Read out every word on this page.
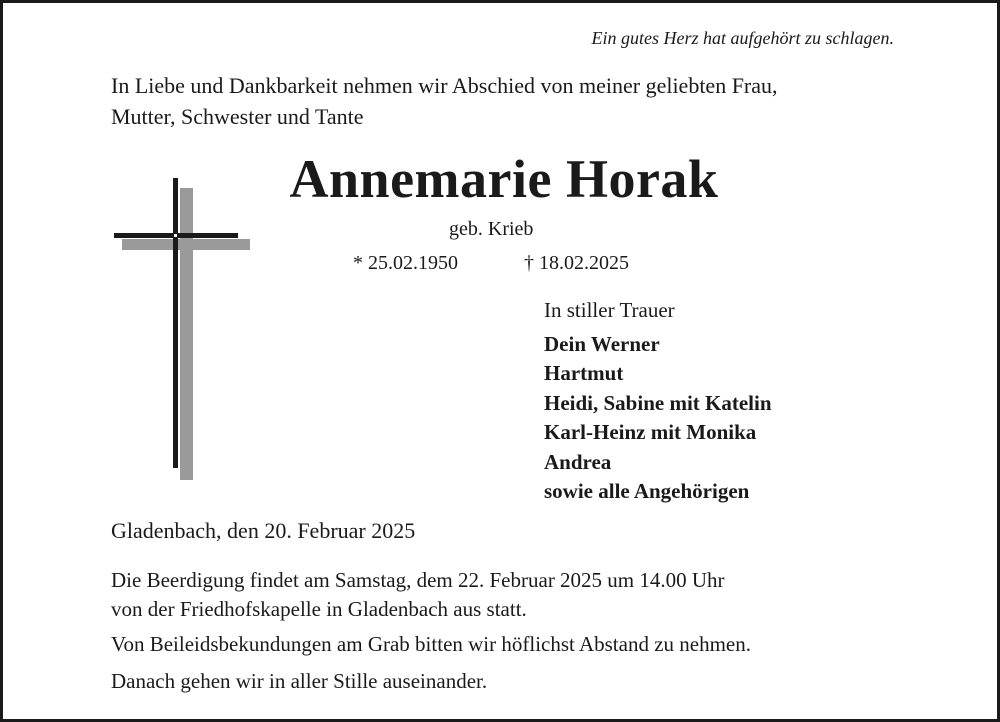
Ein gutes Herz hat aufgehört zu schlagen.
In Liebe und Dankbarkeit nehmen wir Abschied von meiner geliebten Frau,
Mutter, Schwester und Tante
Annemarie Horak
geb. Krieb
* 25.02.1950	† 18.02.2025
In stiller Trauer
Dein Werner
Hartmut
Heidi, Sabine mit Katelin
Karl-Heinz mit Monika
Andrea
sowie alle Angehörigen
Gladenbach, den 20. Februar 2025

Die Beerdigung findet am Samstag, dem 22. Februar 2025 um 14.00 Uhr

von der Friedhofskapelle in Gladenbach aus statt.

Von Beileidsbekundungen am Grab bitten wir höflichst Abstand zu nehmen.

Danach gehen wir in aller Stille auseinander.
